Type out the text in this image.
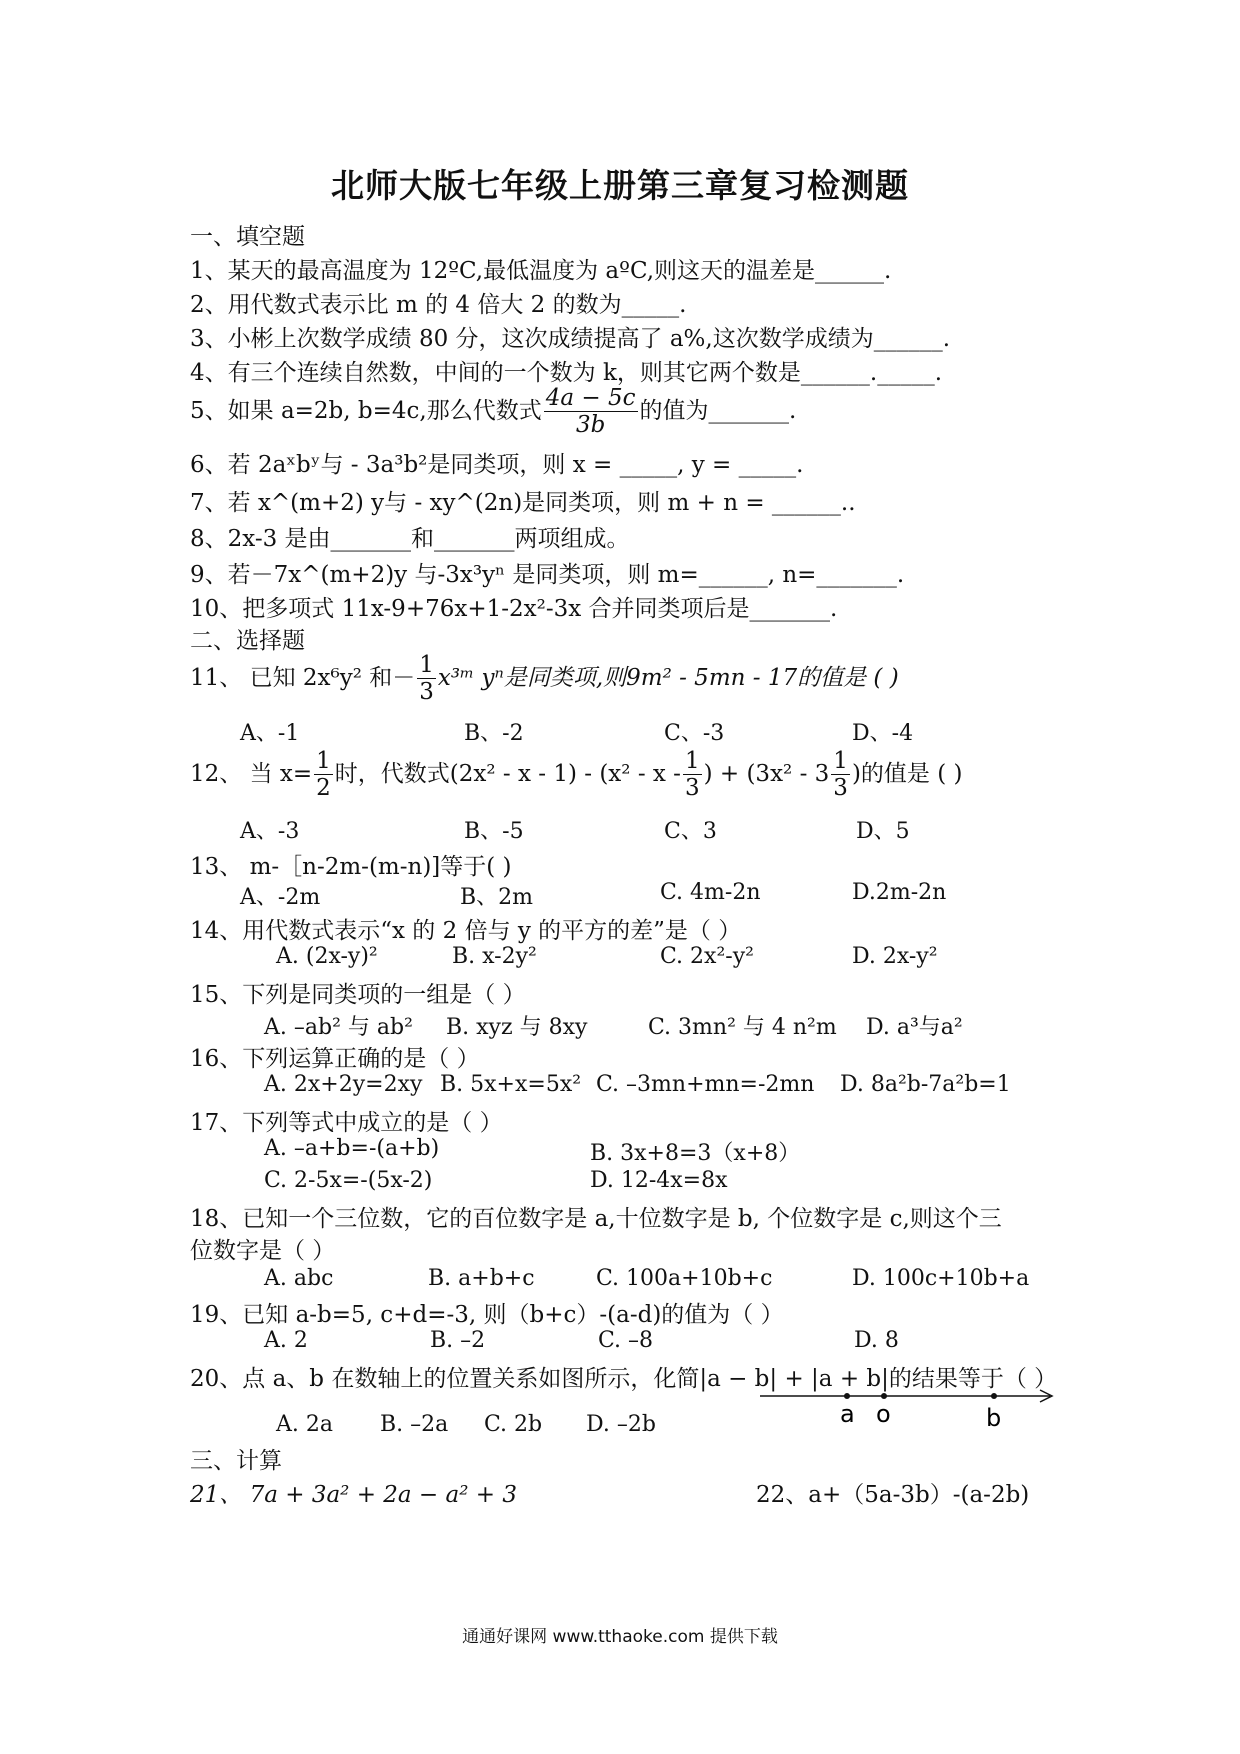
北师大版七年级上册第三章复习检测题
一、填空题
1、某天的最高温度为 12ºC,最低温度为 aºC,则这天的温差是______.
2、用代数式表示比 m 的 4 倍大 2 的数为_____.
3、小彬上次数学成绩 80 分，这次成绩提高了 a%,这次数学成绩为______.
4、有三个连续自然数，中间的一个数为 k，则其它两个数是______._____.
5、如果 a=2b, b=4c,那么代数式 $\frac{4a - 5c}{3b}$ 的值为_______.
6、若 2aˣbʸ与 - 3a³b²是同类项，则 x = _____, y = _____.
7、若 x^(m+2) y与 - xy^(2n)是同类项，则 m + n = ______..
8、2x-3 是由_______和_______两项组成。
9、若－7x^(m+2)y 与-3x³yⁿ 是同类项，则 m=______, n=_______.
10、把多项式 11x-9+76x+1-2x²-3x 合并同类项后是_______.
二、选择题
11、 已知 2x⁶y² 和－ $\frac{1}{3}$ x³ᵐ yⁿ是同类项,则9m² - 5mn - 17的值是 ( )
A、-1	B、-2	C、-3	D、-4
12、 当 $x= \frac{1}{2}$ 时，代数式(2x² - x - 1) - (x² - x - $\frac{1}{3}$ ) + ($3x^2 - 3 \frac{1}{3}$ )的值是 ( )
A、-3	B、-5	C、3	D、5
13、 m-［n-2m-(m-n)]等于( )
A、-2m	B、2m	C. 4m-2n	D.2m-2n
14、用代数式表示“x 的 2 倍与 y 的平方的差”是（ ）
A. (2x-y)²	B. x-2y²	C. 2x²-y²	D. 2x-y²
15、下列是同类项的一组是（ ）
A. –ab² 与 ab² B. xyz 与 8xy	C. 3mn² 与 4 n²m D. a³与a²
16、下列运算正确的是（ ）
A. 2x+2y=2xy B. 5x+x=5x² C. –3mn+mn=-2mn D. 8a²b-7a²b=1
17、下列等式中成立的是（ ）
A. –a+b=-(a+b)	B. 3x+8=3（x+8）
C. 2-5x=-(5x-2)	D. 12-4x=8x
18、已知一个三位数，它的百位数字是 a,十位数字是 b, 个位数字是 c,则这个三
位数字是（ ）
A. abc	B. a+b+c	C. 100a+10b+c	D. 100c+10b+a
19、已知 a-b=5, c+d=-3, 则（b+c）-(a-d)的值为（ ）
A. 2	B. –2	C. –8	D. 8
20、点 a、b 在数轴上的位置关系如图所示，化简|a − b| + |a + b|的结果等于（ ）
A. 2a B. –2a C. 2b D. –2b	a o	b
三、计算
21、 7a + 3a² + 2a − a² + 3	22、a+（5a-3b）-(a-2b)
通通好课网 www.tthaoke.com 提供下载
